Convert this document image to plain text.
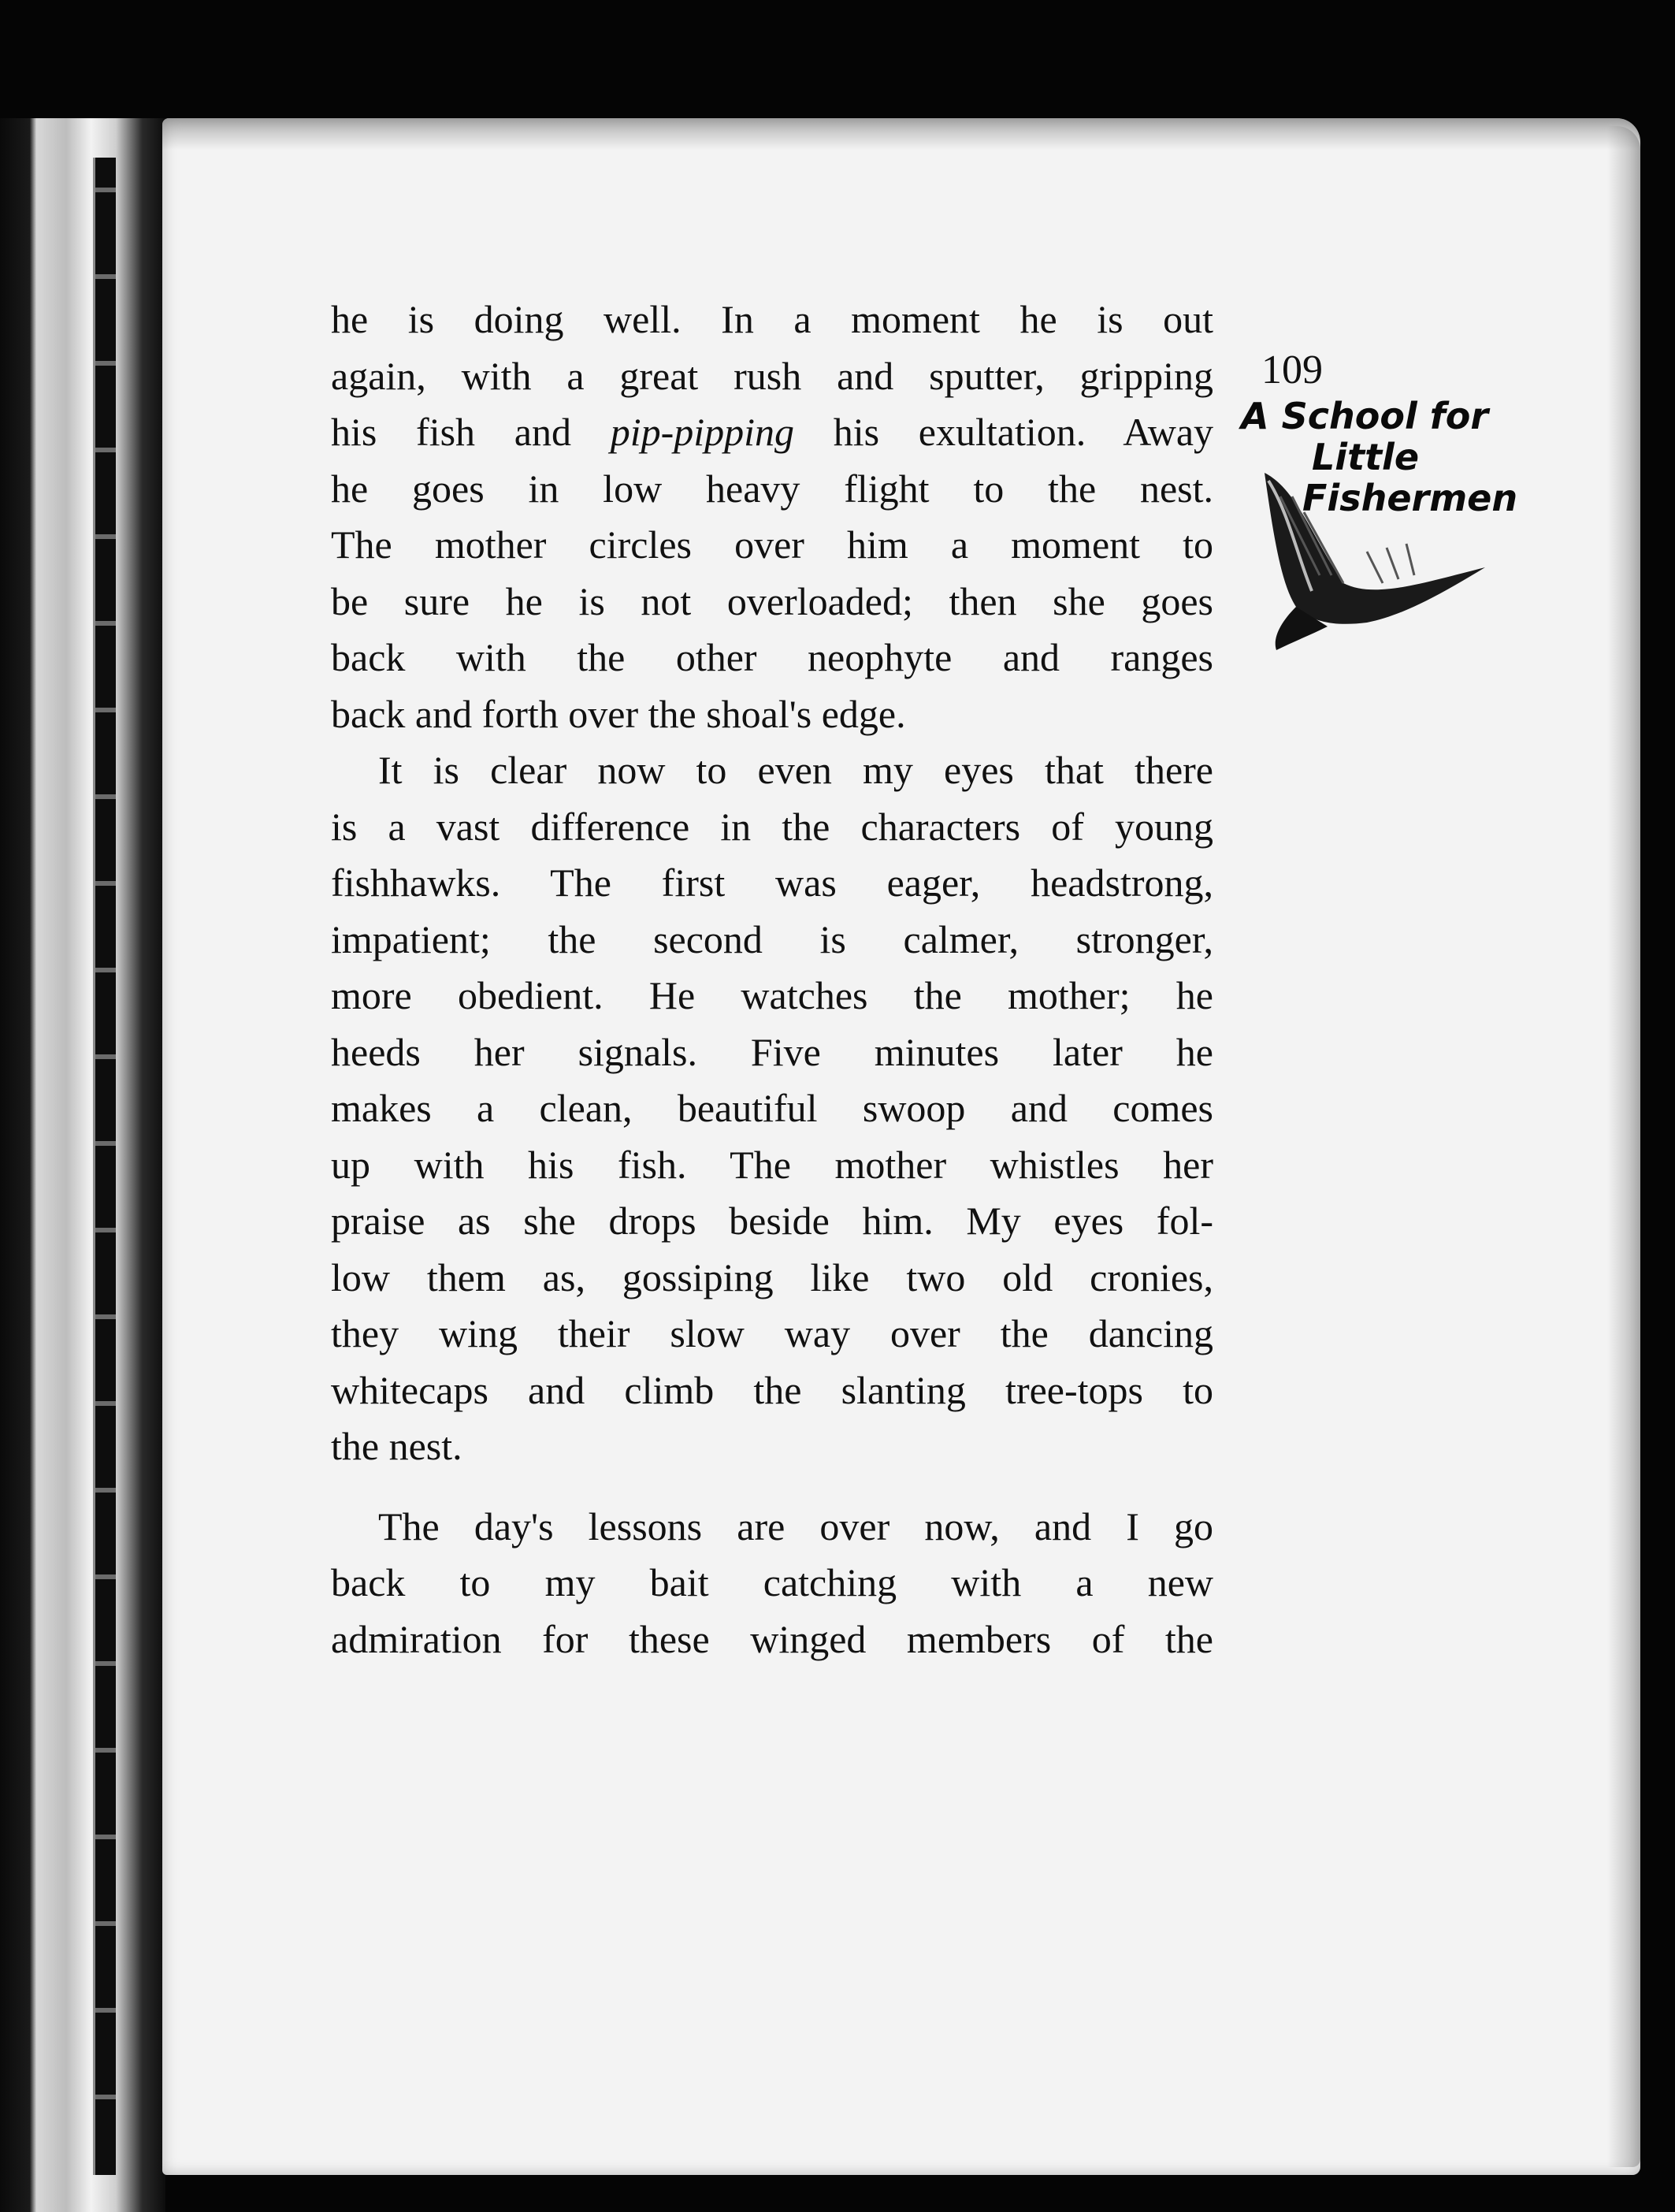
he is doing well. In a moment he is out
again, with a great rush and sputter, gripping
his fish and pip-pipping his exultation. Away
he goes in low heavy flight to the nest.
The mother circles over him a moment to
be sure he is not overloaded; then she goes
back with the other neophyte and ranges
back and forth over the shoal's edge.
It is clear now to even my eyes that there
is a vast difference in the characters of young
fishhawks. The first was eager, headstrong,
impatient; the second is calmer, stronger,
more obedient. He watches the mother; he
heeds her signals. Five minutes later he
makes a clean, beautiful swoop and comes
up with his fish. The mother whistles her
praise as she drops beside him. My eyes fol-
low them as, gossiping like two old cronies,
they wing their slow way over the dancing
whitecaps and climb the slanting tree-tops to
the nest.
The day's lessons are over now, and I go
back to my bait catching with a new
admiration for these winged members of the
109
A School for
Little
Fishermen
